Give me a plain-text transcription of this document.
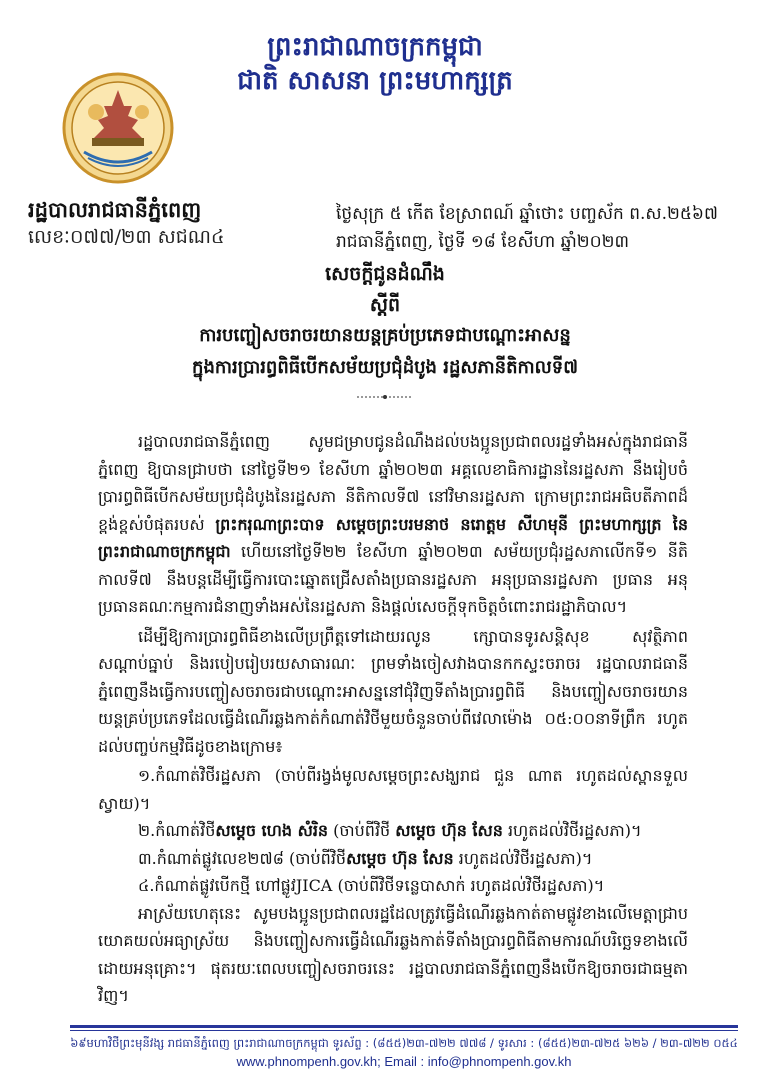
ព្រះរាជាណាចក្រកម្ពុជា
ជាតិ សាសនា ព្រះមហាក្សត្រ
រដ្ឋបាលរាជធានីភ្នំពេញ
លេខៈ០៧៧/២៣ សជណ៤
ថ្ងៃសុក្រ ៥ កើត ខែស្រាពណ៍ ឆ្នាំថោះ បញ្ចស័ក ព.ស.២៥៦៧
រាជធានីភ្នំពេញ, ថ្ងៃទី ១៨ ខែសីហា ឆ្នាំ២០២៣
សេចក្តីជូនដំណឹង
ស្តីពី
ការបញ្ចៀសចរាចរយានយន្តគ្រប់ប្រភេទជាបណ្តោះអាសន្ន
ក្នុងការប្រារព្ធពិធីបើកសម័យប្រជុំដំបូង រដ្ឋសភានីតិកាលទី៧

រដ្ឋបាលរាជធានីភ្នំពេញ សូមជម្រាបជូនដំណឹងដល់បងប្អូនប្រជាពលរដ្ឋទាំងអស់ក្នុងរាជធានីភ្នំពេញ ឱ្យបានជ្រាបថា នៅថ្ងៃទី២១ ខែសីហា ឆ្នាំ២០២៣ អគ្គលេខាធិការដ្ឋាននៃរដ្ឋសភា នឹងរៀបចំប្រារព្ធពិធីបើកសម័យប្រជុំដំបូងនៃរដ្ឋសភា នីតិកាលទី៧ នៅវិមានរដ្ឋសភា ក្រោមព្រះរាជអធិបតីភាពដ៏ខ្ពង់ខ្ពស់បំផុតរបស់ ព្រះករុណាព្រះបាទ សម្តេចព្រះបរមនាថ នរោត្តម សីហមុនី ព្រះមហាក្សត្រ នៃព្រះរាជាណាចក្រកម្ពុជា ហើយនៅថ្ងៃទី២២ ខែសីហា ឆ្នាំ២០២៣ សម័យប្រជុំរដ្ឋសភាលើកទី១ នីតិកាលទី៧ នឹងបន្តដើម្បីធ្វើការបោះឆ្នោតជ្រើសតាំងប្រធានរដ្ឋសភា អនុប្រធានរដ្ឋសភា ប្រធាន អនុប្រធានគណៈកម្មការជំនាញទាំងអស់នៃរដ្ឋសភា និងផ្តល់សេចក្តីទុកចិត្តចំពោះរាជរដ្ឋាភិបាល។

ដើម្បីឱ្យការប្រារព្ធពិធីខាងលើប្រព្រឹត្តទៅដោយរលូន ក្សោបានទូរសន្តិសុខ សុវត្ថិភាព សណ្តាប់ធ្នាប់ និងរបៀបរៀបរយសាធារណៈ ព្រមទាំងចៀសវាងបានកកស្ទះចរាចរ រដ្ឋបាលរាជធានីភ្នំពេញនឹងធ្វើការបញ្ចៀសចរាចរជាបណ្តោះអាសន្ននៅជុំវិញទីតាំងប្រារព្ធពិធី និងបញ្ចៀសចរាចរយានយន្តគ្រប់ប្រភេទដែលធ្វើដំណើរឆ្លងកាត់កំណាត់វិថីមួយចំនួនចាប់ពីវេលាម៉ោង ០៥:០០នាទីព្រឹក រហូតដល់បញ្ចប់កម្មវិធីដូចខាងក្រោម៖

១.កំណាត់វិថីរដ្ឋសភា (ចាប់ពីរង្វង់មូលសម្តេចព្រះសង្ឃរាជ ជួន ណាត រហូតដល់ស្ពានទួលស្វាយ)។
២.កំណាត់វិថីសម្តេច ហេង សំរិន (ចាប់ពីវិថី សម្តេច ហ៊ុន សែន រហូតដល់វិថីរដ្ឋសភា)។
៣.កំណាត់ផ្លូវលេខ២៧៨ (ចាប់ពីវិថីសម្តេច ហ៊ុន សែន រហូតដល់វិថីរដ្ឋសភា)។
៤.កំណាត់ផ្លូវបើកថ្មី ហៅផ្លូវJICA (ចាប់ពីវិថីទន្លេបាសាក់ រហូតដល់វិថីរដ្ឋសភា)។

អាស្រ័យហេតុនេះ សូមបងប្អូនប្រជាពលរដ្ឋដែលត្រូវធ្វើដំណើរឆ្លងកាត់តាមផ្លូវខាងលើមេត្តាជ្រាប យោគយល់អធ្យាស្រ័យ និងបញ្ចៀសការធ្វើដំណើរឆ្លងកាត់ទីតាំងប្រារព្ធពិធីតាមការណ៍បរិច្ឆេទខាងលើដោយអនុគ្រោះ។ ផុតរយៈពេលបញ្ចៀសចរាចរនេះ រដ្ឋបាលរាជធានីភ្នំពេញនឹងបើកឱ្យចរាចរជាធម្មតាវិញ។

៦៩មហាវិថីព្រះមុនីវង្ស រាជធានីភ្នំពេញ ព្រះរាជាណាចក្រកម្ពុជា ទូរស័ព្ទ : (៨៥៥)២៣-៧២២ ៧៧៨ / ទូរសារ : (៨៥៥)២៣-៧២៥ ៦២៦ / ២៣-៧២២ ០៥៤
www.phnompenh.gov.kh; Email : info@phnompenh.gov.kh
